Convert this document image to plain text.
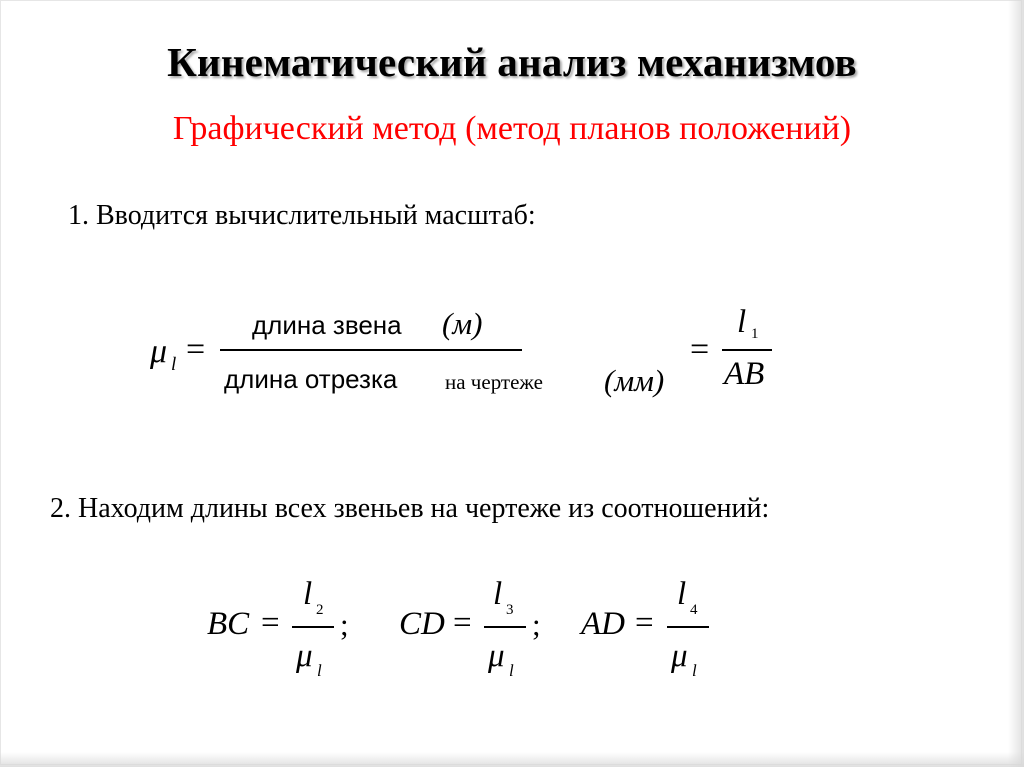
Кинематический анализ механизмов
Графический метод (метод планов положений)
1. Вводится вычислительный масштаб:
μ l =
длина звена (м)
длина отрезка на чертеже (мм)
=
l 1
AB
2. Находим длины всех звеньев на чертеже из соотношений:
BC =
l 2
μ l
; CD =
l 3
μ l
; AD =
l 4
μ l
